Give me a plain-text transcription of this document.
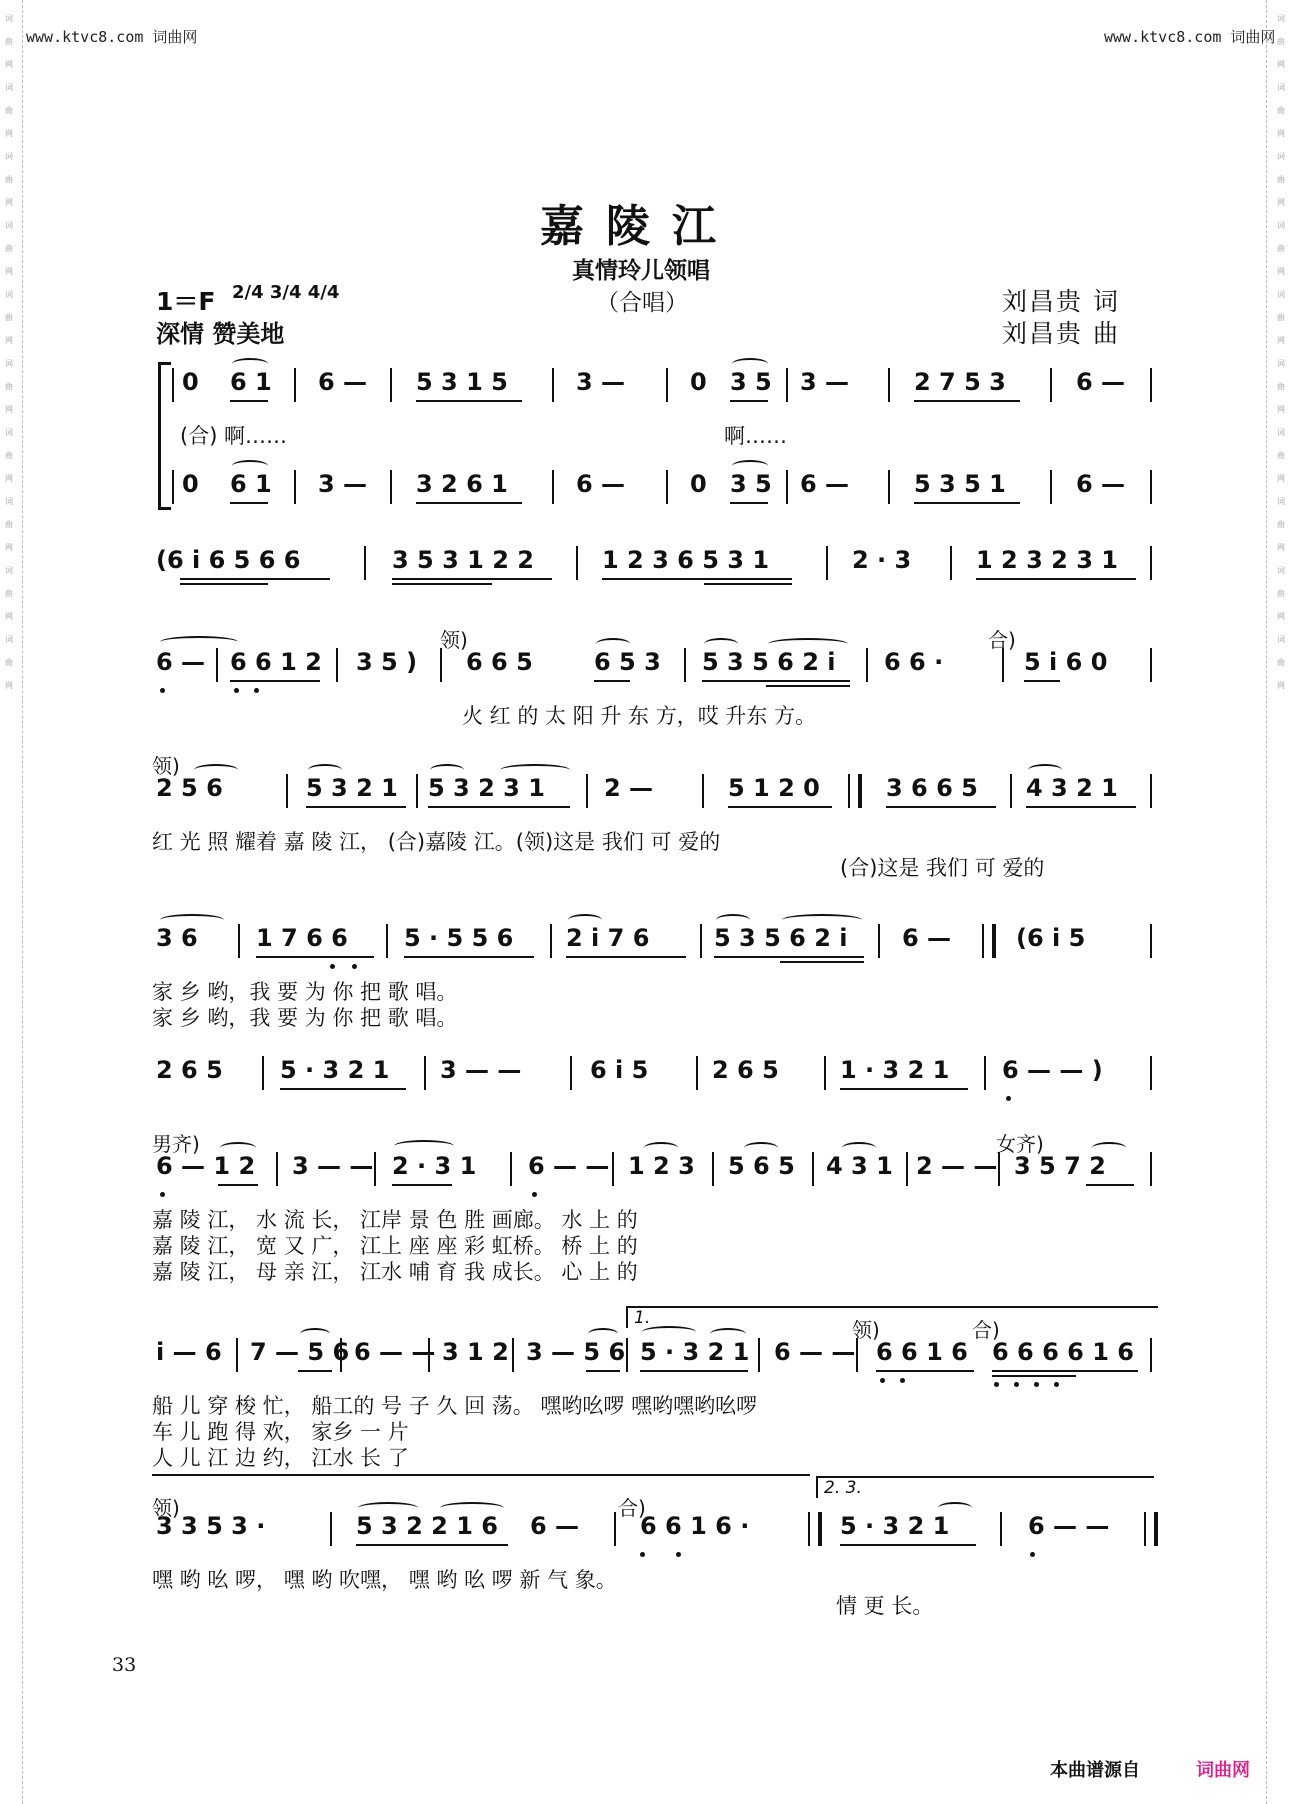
词
曲
网
词
曲
网
词
曲
网
词
曲
网
词
曲
网
词
曲
网
词
曲
网
词
曲
网
词
曲
网
词
曲
网
词
曲
网
词
曲
网
词
曲
网
词
曲
网
词
曲
网
词
曲
网
词
曲
网
词
曲
网
词
曲
网
词
曲
网
www.ktvc8.com 词曲网	www.ktvc8.com 词曲网
嘉陵江
真情玲儿领唱
（合唱）
1＝F 2/4 3/4 4/4
深情 赞美地
刘昌贵 词
刘昌贵 曲
0 6 1 6 — 5 3 1 5	3 —	0 3 5 3 —	2 7 5 3	6 —
(合) 啊……	啊……
0 6 1 3 — 3 2 6 1	6 —	0 3 5 6 —	5 3 5 1	6 —
(6 i 6 5 6 6	3 5 3 1 2 2	1 2 3 6 5 3 1	2 · 3	1 2 3 2 3 1
领)	合)
6 — 6 6 1 2 3 5 ) 6 6 5	6 5 3 5 3 5 6 2 i 6 6 ·	5 i 6 0
火 红 的 太 阳 升 东 方，哎 升东 方。
领)
2 5 6	5 3 2 1 5 3 2 3 1 2 —	5 1 2 0	3 6 6 5 4 3 2 1
红 光 照 耀着 嘉 陵 江， (合)嘉陵 江。(领)这是 我们 可 爱的
(合)这是 我们 可 爱的
3 6 1 7 6 6 5 · 5 5 6 2 i 7 6	5 3 5 6 2 i 6 —	(6 i 5
家 乡 哟，我 要 为 你 把 歌 唱。
家 乡 哟，我 要 为 你 把 歌 唱。
2 6 5 5 · 3 2 1 3 — —	6 i 5	2 6 5	1 · 3 2 1 6 — — )
男齐)	女齐)
6 — 1 2 3 — — 2 · 3 1 6 — — 1 2 3 5 6 5 4 3 1 2 — — 3 5 7 2
嘉 陵 江， 水 流 长， 江岸 景 色 胜 画廊。 水 上 的
嘉 陵 江， 宽 又 广， 江上 座 座 彩 虹桥。 桥 上 的
嘉 陵 江， 母 亲 江， 江水 哺 育 我 成长。 心 上 的
1.	领)	合)
i — 6 7 — 5 6 6 — — 3 1 2 3 — 5 6 5 · 3 2 1 6 — — 6 6 1 6 6 6 6 6 1 6
船 儿 穿 梭 忙， 船工的 号 子 久 回 荡。 嘿哟吆啰 嘿哟嘿哟吆啰
车 儿 跑 得 欢， 家乡 一 片
人 儿 江 边 约， 江水 长 了
领)	合)
2. 3.
3 3 5 3 ·	5 3 2 2 1 6 6 —	6 6 1 6 ·	5 · 3 2 1	6 — —
嘿 哟 吆 啰， 嘿 哟 吹嘿， 嘿 哟 吆 啰 新 气 象。
情 更 长。
33
本曲谱源自	词曲网
